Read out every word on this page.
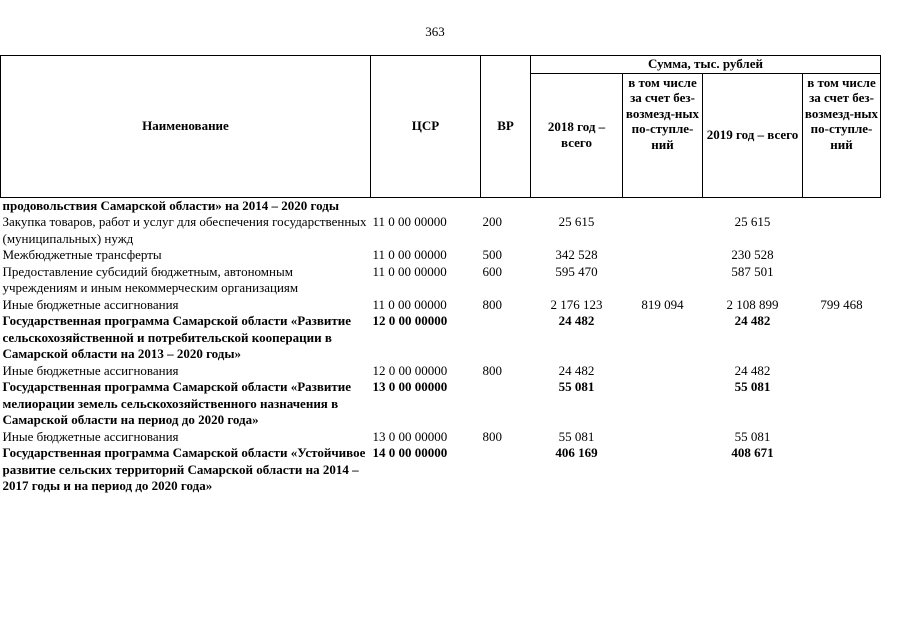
363
Наименование	ЦСР	ВР	Сумма, тыс. рублей			
			2018 год – всего	в том числе за счет без-возмезд-ных по-ступле-ний	2019 год – всего	в том числе за счет без-возмезд-ных по-ступле-ний
продовольствия Самарской области» на 2014 – 2020 годы						
Закупка товаров, работ и услуг для обеспечения государственных (муниципальных) нужд	11 0 00 00000	200	25 615		25 615	
Межбюджетные трансферты	11 0 00 00000	500	342 528		230 528	
Предоставление субсидий бюджетным, автономным учреждениям и иным некоммерческим организациям	11 0 00 00000	600	595 470		587 501	
Иные бюджетные ассигнования	11 0 00 00000	800	2 176 123	819 094	2 108 899	799 468
Государственная программа Самарской области «Развитие сельскохозяйственной и потребительской кооперации в Самарской области на 2013 – 2020 годы»	12 0 00 00000		24 482		24 482	
Иные бюджетные ассигнования	12 0 00 00000	800	24 482		24 482	
Государственная программа Самарской области «Развитие мелиорации земель сельскохозяйственного назначения в Самарской области на период до 2020 года»	13 0 00 00000		55 081		55 081	
Иные бюджетные ассигнования	13 0 00 00000	800	55 081		55 081	
Государственная программа Самарской области «Устойчивое развитие сельских территорий Самарской области на 2014 – 2017 годы и на период до 2020 года»	14 0 00 00000		406 169		408 671	
